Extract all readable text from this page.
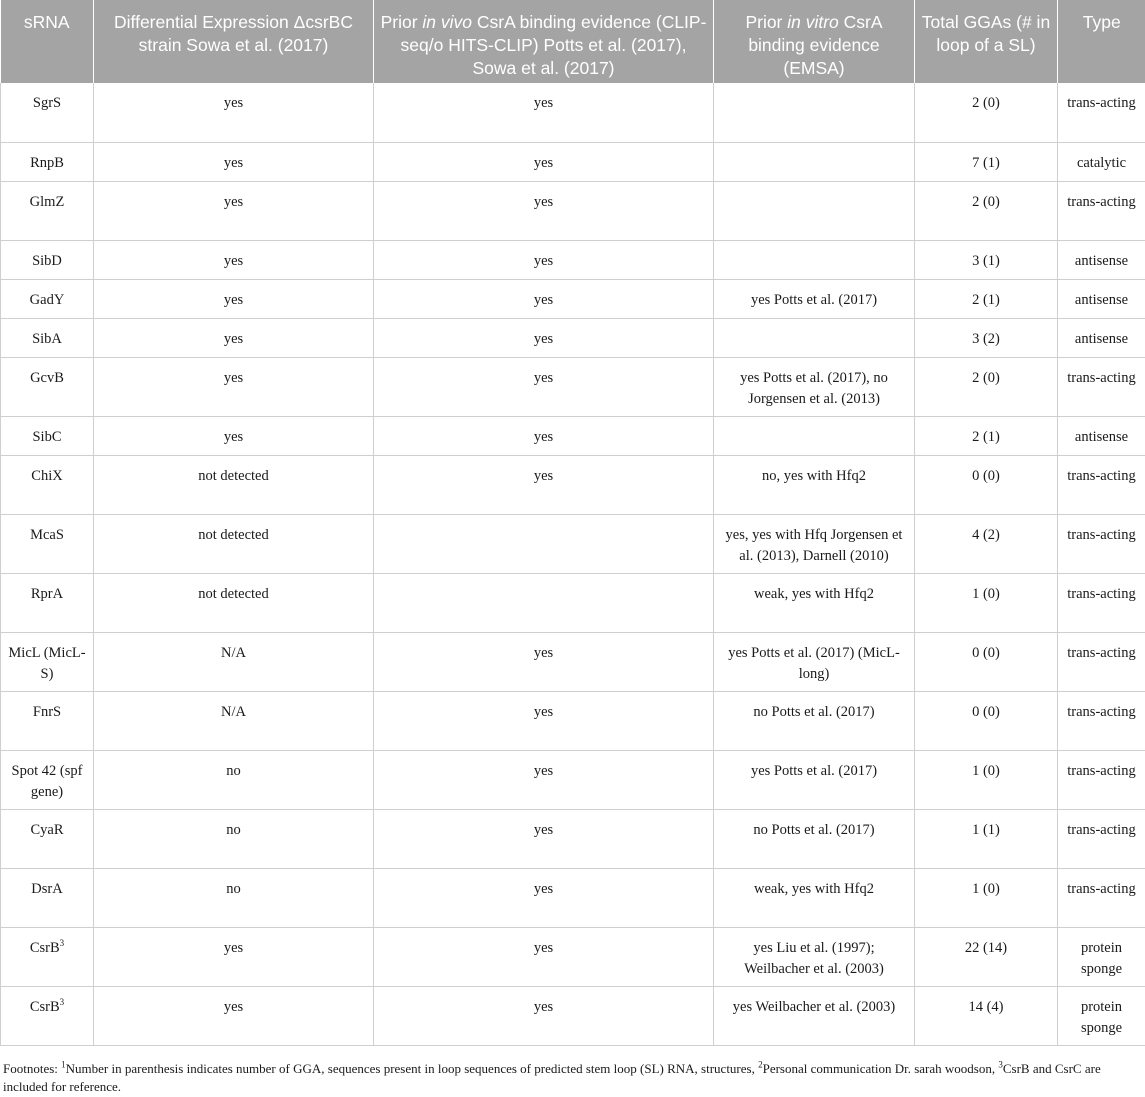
sRNA	Differential Expression ΔcsrBC strain Sowa et al. (2017)	Prior in vivo CsrA binding evidence (CLIP-seq/o HITS-CLIP) Potts et al. (2017), Sowa et al. (2017)	Prior in vitro CsrA binding evidence (EMSA)	Total GGAs (# in loop of a SL)	Type
SgrS	yes	yes		2 (0)	trans-acting
RnpB	yes	yes		7 (1)	catalytic
GlmZ	yes	yes		2 (0)	trans-acting
SibD	yes	yes		3 (1)	antisense
GadY	yes	yes	yes Potts et al. (2017)	2 (1)	antisense
SibA	yes	yes		3 (2)	antisense
GcvB	yes	yes	yes Potts et al. (2017), no Jorgensen et al. (2013)	2 (0)	trans-acting
SibC	yes	yes		2 (1)	antisense
ChiX	not detected	yes	no, yes with Hfq2	0 (0)	trans-acting
McaS	not detected		yes, yes with Hfq Jorgensen et al. (2013), Darnell (2010)	4 (2)	trans-acting
RprA	not detected		weak, yes with Hfq2	1 (0)	trans-acting
MicL (MicL-S)	N/A	yes	yes Potts et al. (2017) (MicL-long)	0 (0)	trans-acting
FnrS	N/A	yes	no Potts et al. (2017)	0 (0)	trans-acting
Spot 42 (spf gene)	no	yes	yes Potts et al. (2017)	1 (0)	trans-acting
CyaR	no	yes	no Potts et al. (2017)	1 (1)	trans-acting
DsrA	no	yes	weak, yes with Hfq2	1 (0)	trans-acting
CsrB$^3$	yes	yes	yes Liu et al. (1997); Weilbacher et al. (2003)	22 (14)	protein sponge
CsrB$^3$	yes	yes	yes Weilbacher et al. (2003)	14 (4)	protein sponge
Footnotes: $^1$Number in parenthesis indicates number of GGA, sequences present in loop sequences of predicted stem loop (SL) RNA, structures, $^2$Personal communication Dr. sarah woodson, $^3$CsrB and CsrC are included for reference.
